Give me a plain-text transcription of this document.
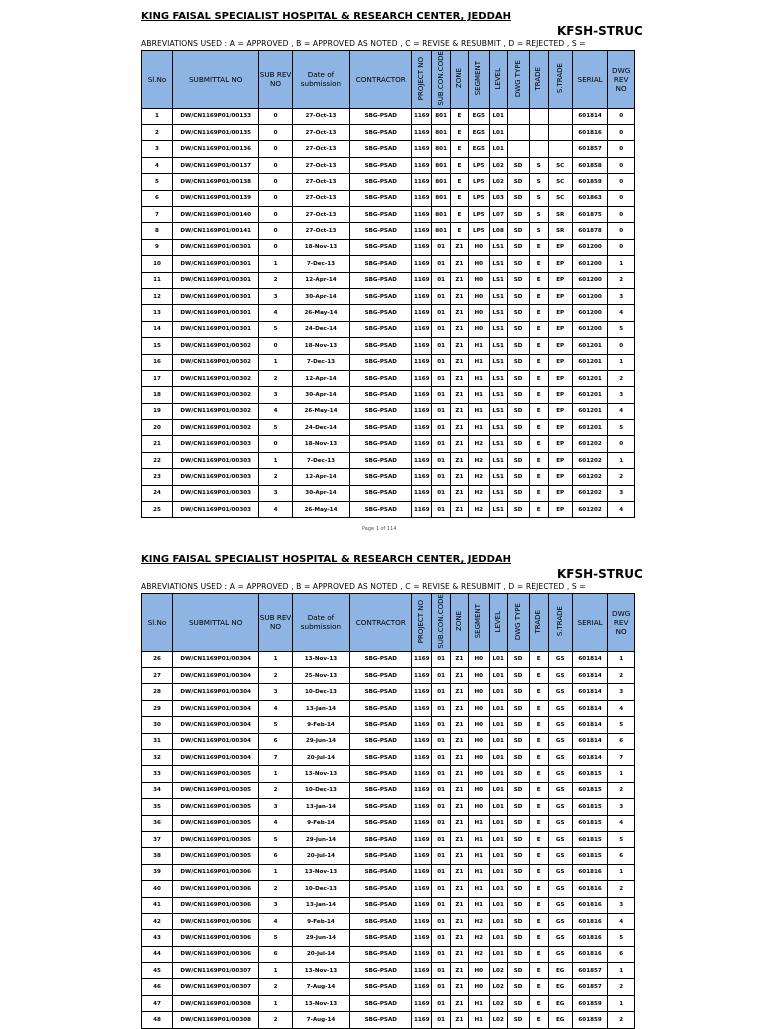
KING FAISAL SPECIALIST HOSPITAL & RESEARCH CENTER, JEDDAH
KFSH-STRUC
ABREVIATIONS USED : A = APPROVED , B = APPROVED AS NOTED , C = REVISE & RESUBMIT , D = REJECTED , S =
Sl.No	SUBMITTAL NO	SUB REV NO	Date of submission	CONTRACTOR	PROJECT NO	SUB.CON.CODE	ZONE	SEGMENT	LEVEL	DWG TYPE	TRADE	S.TRADE	SERIAL	DWG REV NO
1	DW/CN1169P01/00133	0	27-Oct-13	SBG-PSAD	1169	801	E	EG5	L01				601814	0
2	DW/CN1169P01/00135	0	27-Oct-13	SBG-PSAD	1169	801	E	EG5	L01				601816	0
3	DW/CN1169P01/00136	0	27-Oct-13	SBG-PSAD	1169	801	E	EG5	L01				601857	0
4	DW/CN1169P01/00137	0	27-Oct-13	SBG-PSAD	1169	801	E	LP5	L02	SD	S	SC	601858	0
5	DW/CN1169P01/00138	0	27-Oct-13	SBG-PSAD	1169	801	E	LP5	L02	SD	S	SC	601859	0
6	DW/CN1169P01/00139	0	27-Oct-13	SBG-PSAD	1169	801	E	LP5	L03	SD	S	SC	601863	0
7	DW/CN1169P01/00140	0	27-Oct-13	SBG-PSAD	1169	801	E	LP5	L07	SD	S	SR	601875	0
8	DW/CN1169P01/00141	0	27-Oct-13	SBG-PSAD	1169	801	E	LP5	L08	SD	S	SR	601878	0
9	DW/CN1169P01/00301	0	18-Nov-13	SBG-PSAD	1169	01	Z1	H0	LS1	SD	E	EP	601200	0
10	DW/CN1169P01/00301	1	7-Dec-13	SBG-PSAD	1169	01	Z1	H0	LS1	SD	E	EP	601200	1
11	DW/CN1169P01/00301	2	12-Apr-14	SBG-PSAD	1169	01	Z1	H0	LS1	SD	E	EP	601200	2
12	DW/CN1169P01/00301	3	30-Apr-14	SBG-PSAD	1169	01	Z1	H0	LS1	SD	E	EP	601200	3
13	DW/CN1169P01/00301	4	26-May-14	SBG-PSAD	1169	01	Z1	H0	LS1	SD	E	EP	601200	4
14	DW/CN1169P01/00301	5	24-Dec-14	SBG-PSAD	1169	01	Z1	H0	LS1	SD	E	EP	601200	5
15	DW/CN1169P01/00302	0	18-Nov-13	SBG-PSAD	1169	01	Z1	H1	LS1	SD	E	EP	601201	0
16	DW/CN1169P01/00302	1	7-Dec-13	SBG-PSAD	1169	01	Z1	H1	LS1	SD	E	EP	601201	1
17	DW/CN1169P01/00302	2	12-Apr-14	SBG-PSAD	1169	01	Z1	H1	LS1	SD	E	EP	601201	2
18	DW/CN1169P01/00302	3	30-Apr-14	SBG-PSAD	1169	01	Z1	H1	LS1	SD	E	EP	601201	3
19	DW/CN1169P01/00302	4	26-May-14	SBG-PSAD	1169	01	Z1	H1	LS1	SD	E	EP	601201	4
20	DW/CN1169P01/00302	5	24-Dec-14	SBG-PSAD	1169	01	Z1	H1	LS1	SD	E	EP	601201	5
21	DW/CN1169P01/00303	0	18-Nov-13	SBG-PSAD	1169	01	Z1	H2	LS1	SD	E	EP	601202	0
22	DW/CN1169P01/00303	1	7-Dec-13	SBG-PSAD	1169	01	Z1	H2	LS1	SD	E	EP	601202	1
23	DW/CN1169P01/00303	2	12-Apr-14	SBG-PSAD	1169	01	Z1	H2	LS1	SD	E	EP	601202	2
24	DW/CN1169P01/00303	3	30-Apr-14	SBG-PSAD	1169	01	Z1	H2	LS1	SD	E	EP	601202	3
25	DW/CN1169P01/00303	4	26-May-14	SBG-PSAD	1169	01	Z1	H2	LS1	SD	E	EP	601202	4
Page 1 of 114
KING FAISAL SPECIALIST HOSPITAL & RESEARCH CENTER, JEDDAH
KFSH-STRUC
ABREVIATIONS USED : A = APPROVED , B = APPROVED AS NOTED , C = REVISE & RESUBMIT , D = REJECTED , S =
Sl.No	SUBMITTAL NO	SUB REV NO	Date of submission	CONTRACTOR	PROJECT NO	SUB.CON.CODE	ZONE	SEGMENT	LEVEL	DWG TYPE	TRADE	S.TRADE	SERIAL	DWG REV NO
26	DW/CN1169P01/00304	1	13-Nov-13	SBG-PSAD	1169	01	Z1	H0	L01	SD	E	GS	601814	1
27	DW/CN1169P01/00304	2	25-Nov-13	SBG-PSAD	1169	01	Z1	H0	L01	SD	E	GS	601814	2
28	DW/CN1169P01/00304	3	10-Dec-13	SBG-PSAD	1169	01	Z1	H0	L01	SD	E	GS	601814	3
29	DW/CN1169P01/00304	4	13-Jan-14	SBG-PSAD	1169	01	Z1	H0	L01	SD	E	GS	601814	4
30	DW/CN1169P01/00304	5	9-Feb-14	SBG-PSAD	1169	01	Z1	H0	L01	SD	E	GS	601814	5
31	DW/CN1169P01/00304	6	29-Jun-14	SBG-PSAD	1169	01	Z1	H0	L01	SD	E	GS	601814	6
32	DW/CN1169P01/00304	7	20-Jul-14	SBG-PSAD	1169	01	Z1	H0	L01	SD	E	GS	601814	7
33	DW/CN1169P01/00305	1	13-Nov-13	SBG-PSAD	1169	01	Z1	H0	L01	SD	E	GS	601815	1
34	DW/CN1169P01/00305	2	10-Dec-13	SBG-PSAD	1169	01	Z1	H0	L01	SD	E	GS	601815	2
35	DW/CN1169P01/00305	3	13-Jan-14	SBG-PSAD	1169	01	Z1	H0	L01	SD	E	GS	601815	3
36	DW/CN1169P01/00305	4	9-Feb-14	SBG-PSAD	1169	01	Z1	H1	L01	SD	E	GS	601815	4
37	DW/CN1169P01/00305	5	29-Jun-14	SBG-PSAD	1169	01	Z1	H1	L01	SD	E	GS	601815	5
38	DW/CN1169P01/00305	6	20-Jul-14	SBG-PSAD	1169	01	Z1	H1	L01	SD	E	GS	601815	6
39	DW/CN1169P01/00306	1	13-Nov-13	SBG-PSAD	1169	01	Z1	H1	L01	SD	E	GS	601816	1
40	DW/CN1169P01/00306	2	10-Dec-13	SBG-PSAD	1169	01	Z1	H1	L01	SD	E	GS	601816	2
41	DW/CN1169P01/00306	3	13-Jan-14	SBG-PSAD	1169	01	Z1	H1	L01	SD	E	GS	601816	3
42	DW/CN1169P01/00306	4	9-Feb-14	SBG-PSAD	1169	01	Z1	H2	L01	SD	E	GS	601816	4
43	DW/CN1169P01/00306	5	29-Jun-14	SBG-PSAD	1169	01	Z1	H2	L01	SD	E	GS	601816	5
44	DW/CN1169P01/00306	6	20-Jul-14	SBG-PSAD	1169	01	Z1	H2	L01	SD	E	GS	601816	6
45	DW/CN1169P01/00307	1	13-Nov-13	SBG-PSAD	1169	01	Z1	H0	L02	SD	E	EG	601857	1
46	DW/CN1169P01/00307	2	7-Aug-14	SBG-PSAD	1169	01	Z1	H0	L02	SD	E	EG	601857	2
47	DW/CN1169P01/00308	1	13-Nov-13	SBG-PSAD	1169	01	Z1	H1	L02	SD	E	EG	601859	1
48	DW/CN1169P01/00308	2	7-Aug-14	SBG-PSAD	1169	01	Z1	H1	L02	SD	E	EG	601859	2
